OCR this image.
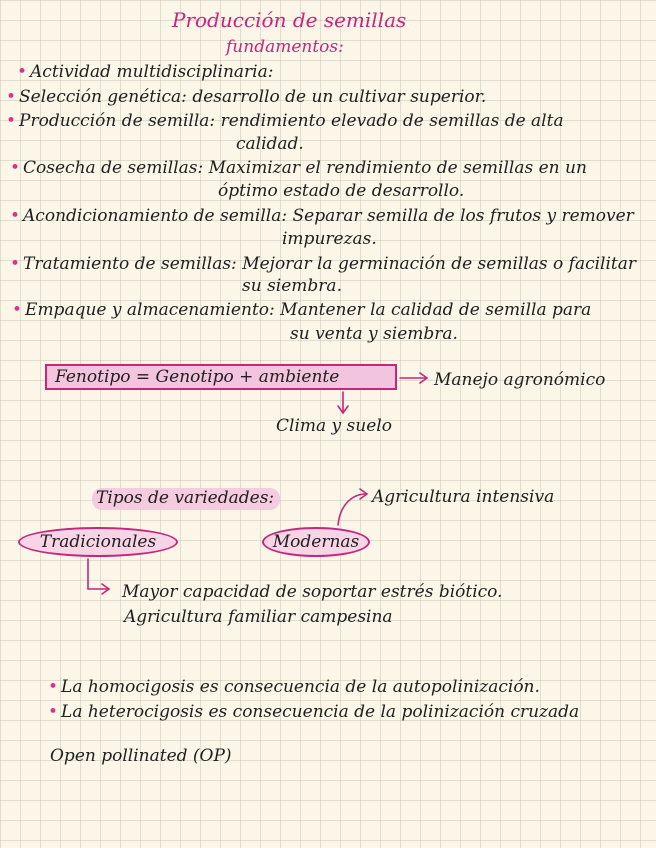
Producción de semillas
fundamentos:
• Actividad multidisciplinaria:
• Selección genética: desarrollo de un cultivar superior.
• Producción de semilla: rendimiento elevado de semillas de alta
calidad.
• Cosecha de semillas: Maximizar el rendimiento de semillas en un
óptimo estado de desarrollo.
• Acondicionamiento de semilla: Separar semilla de los frutos y remover
impurezas.
• Tratamiento de semillas: Mejorar la germinación de semillas o facilitar
su siembra.
• Empaque y almacenamiento: Mantener la calidad de semilla para
su venta y siembra.
Fenotipo = Genotipo + ambiente	Manejo agronómico
Clima y suelo
Tipos de variedades:	Agricultura intensiva
Tradicionales	Modernas
Mayor capacidad de soportar estrés biótico.
Agricultura familiar campesina
• La homocigosis es consecuencia de la autopolinización.
• La heterocigosis es consecuencia de la polinización cruzada
Open pollinated (OP)
